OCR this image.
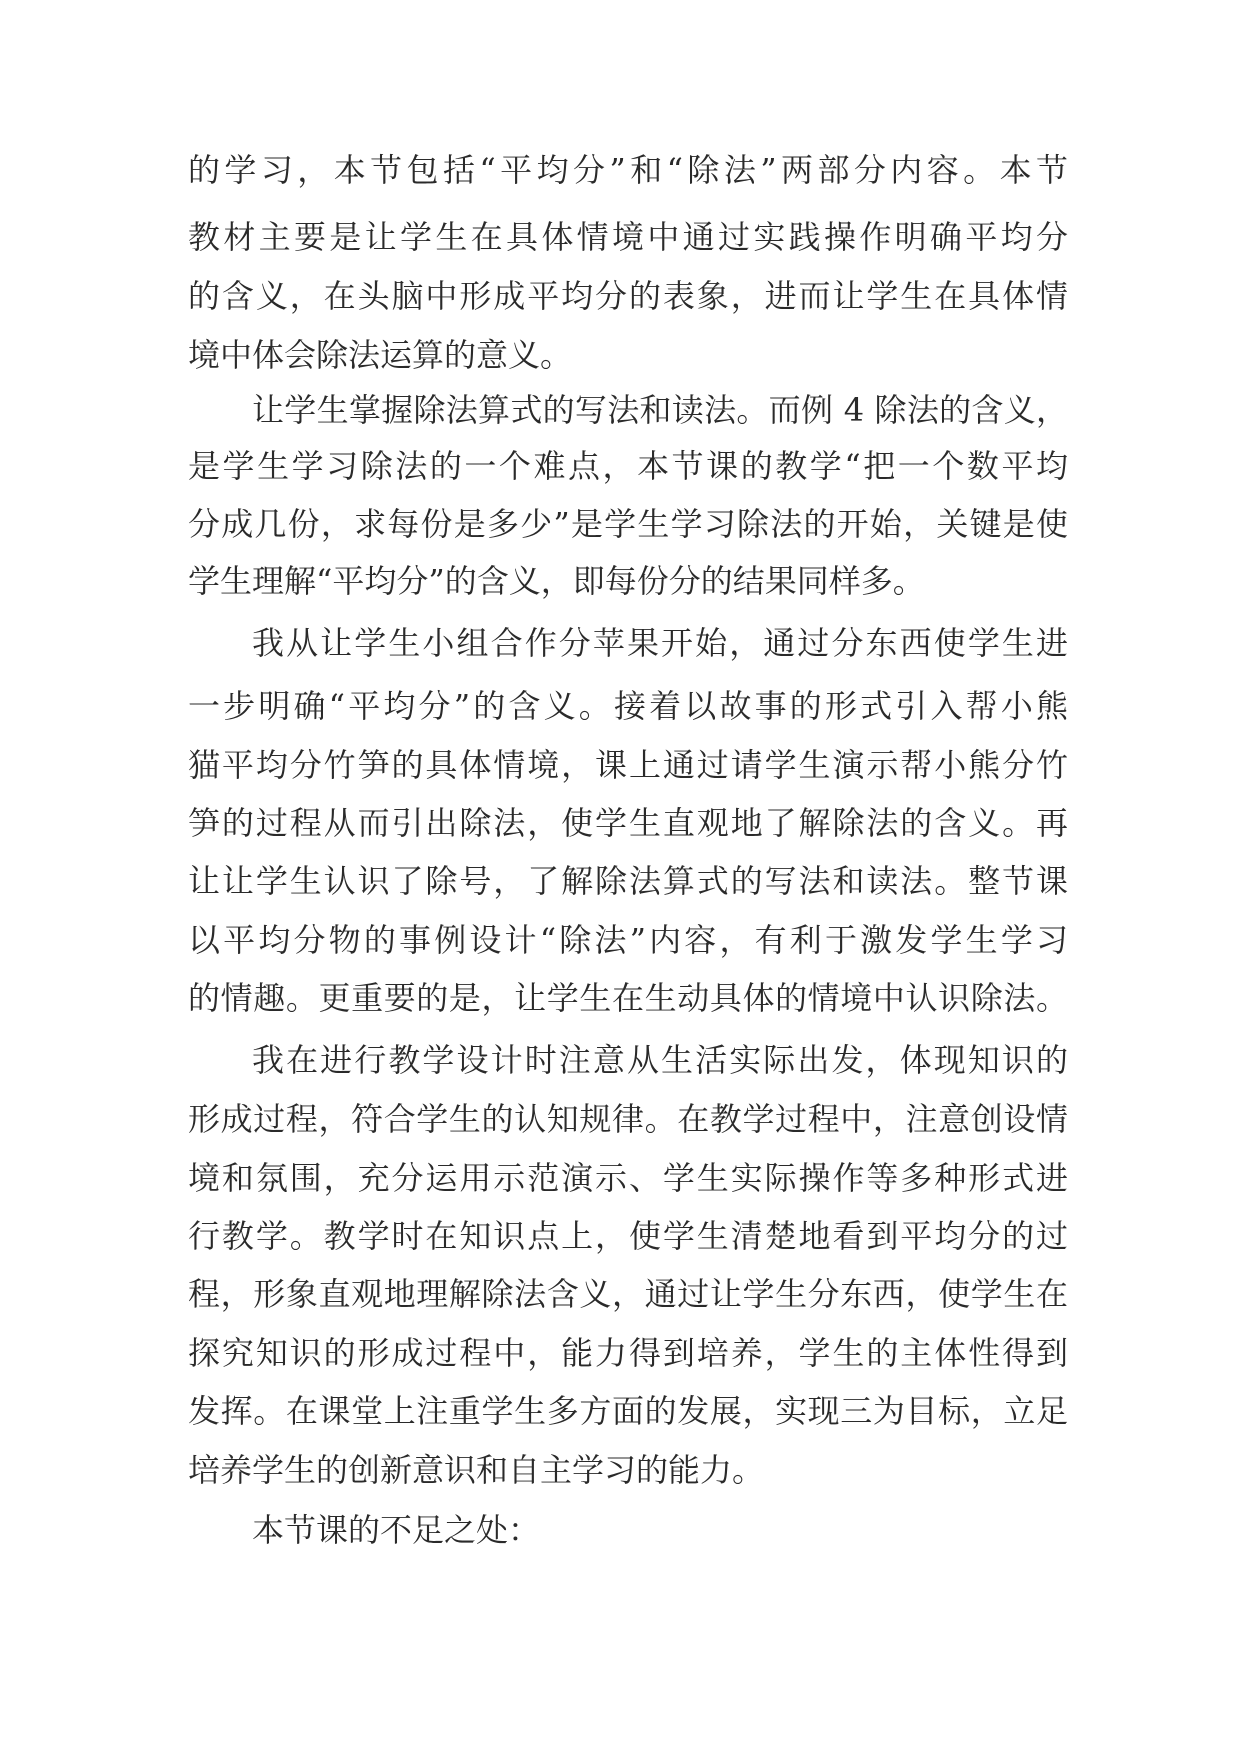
的学习，本节包括“平均分”和“除法”两部分内容。本节
教材主要是让学生在具体情境中通过实践操作明确平均分
的含义，在头脑中形成平均分的表象，进而让学生在具体情
境中体会除法运算的意义。
让学生掌握除法算式的写法和读法。而例 4 除法的含义，
是学生学习除法的一个难点，本节课的教学“把一个数平均
分成几份，求每份是多少”是学生学习除法的开始，关键是使
学生理解“平均分”的含义，即每份分的结果同样多。
我从让学生小组合作分苹果开始，通过分东西使学生进
一步明确“平均分”的含义。接着以故事的形式引入帮小熊
猫平均分竹笋的具体情境，课上通过请学生演示帮小熊分竹
笋的过程从而引出除法，使学生直观地了解除法的含义。再
让让学生认识了除号，了解除法算式的写法和读法。整节课
以平均分物的事例设计“除法”内容，有利于激发学生学习
的情趣。更重要的是，让学生在生动具体的情境中认识除法。
我在进行教学设计时注意从生活实际出发，体现知识的
形成过程，符合学生的认知规律。在教学过程中，注意创设情
境和氛围，充分运用示范演示、学生实际操作等多种形式进
行教学。教学时在知识点上，使学生清楚地看到平均分的过
程，形象直观地理解除法含义，通过让学生分东西，使学生在
探究知识的形成过程中，能力得到培养，学生的主体性得到
发挥。在课堂上注重学生多方面的发展，实现三为目标，立足
培养学生的创新意识和自主学习的能力。
本节课的不足之处：
